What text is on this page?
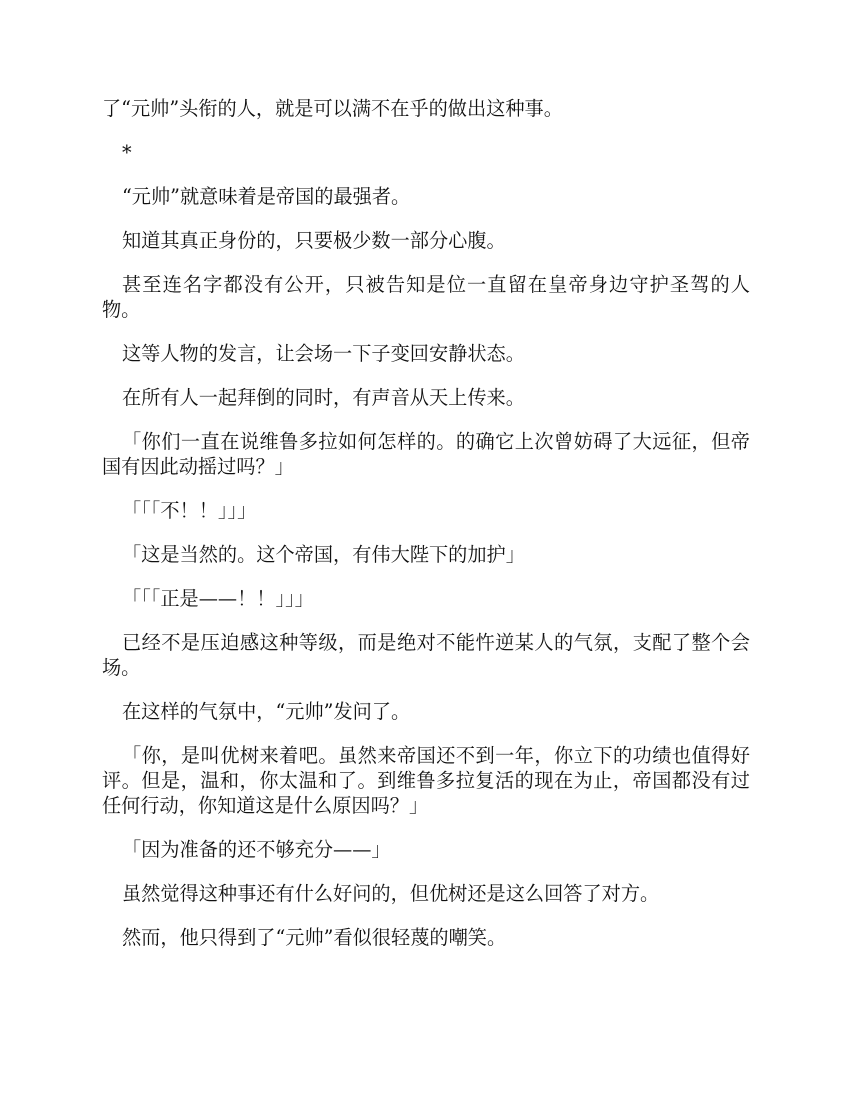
了“元帅”头衔的人，就是可以满不在乎的做出这种事。

*

“元帅”就意味着是帝国的最强者。

知道其真正身份的，只要极少数一部分心腹。

甚至连名字都没有公开，只被告知是位一直留在皇帝身边守护圣驾的人物。

这等人物的发言，让会场一下子变回安静状态。

在所有人一起拜倒的同时，有声音从天上传来。

「你们一直在说维鲁多拉如何怎样的。的确它上次曾妨碍了大远征，但帝国有因此动摇过吗？」

「「「不！！」」」

「这是当然的。这个帝国，有伟大陛下的加护」

「「「正是——！！」」」

已经不是压迫感这种等级，而是绝对不能忤逆某人的气氛，支配了整个会场。

在这样的气氛中，“元帅”发问了。

「你，是叫优树来着吧。虽然来帝国还不到一年，你立下的功绩也值得好评。但是，温和，你太温和了。到维鲁多拉复活的现在为止，帝国都没有过任何行动，你知道这是什么原因吗？」

「因为准备的还不够充分——」

虽然觉得这种事还有什么好问的，但优树还是这么回答了对方。

然而，他只得到了“元帅”看似很轻蔑的嘲笑。
